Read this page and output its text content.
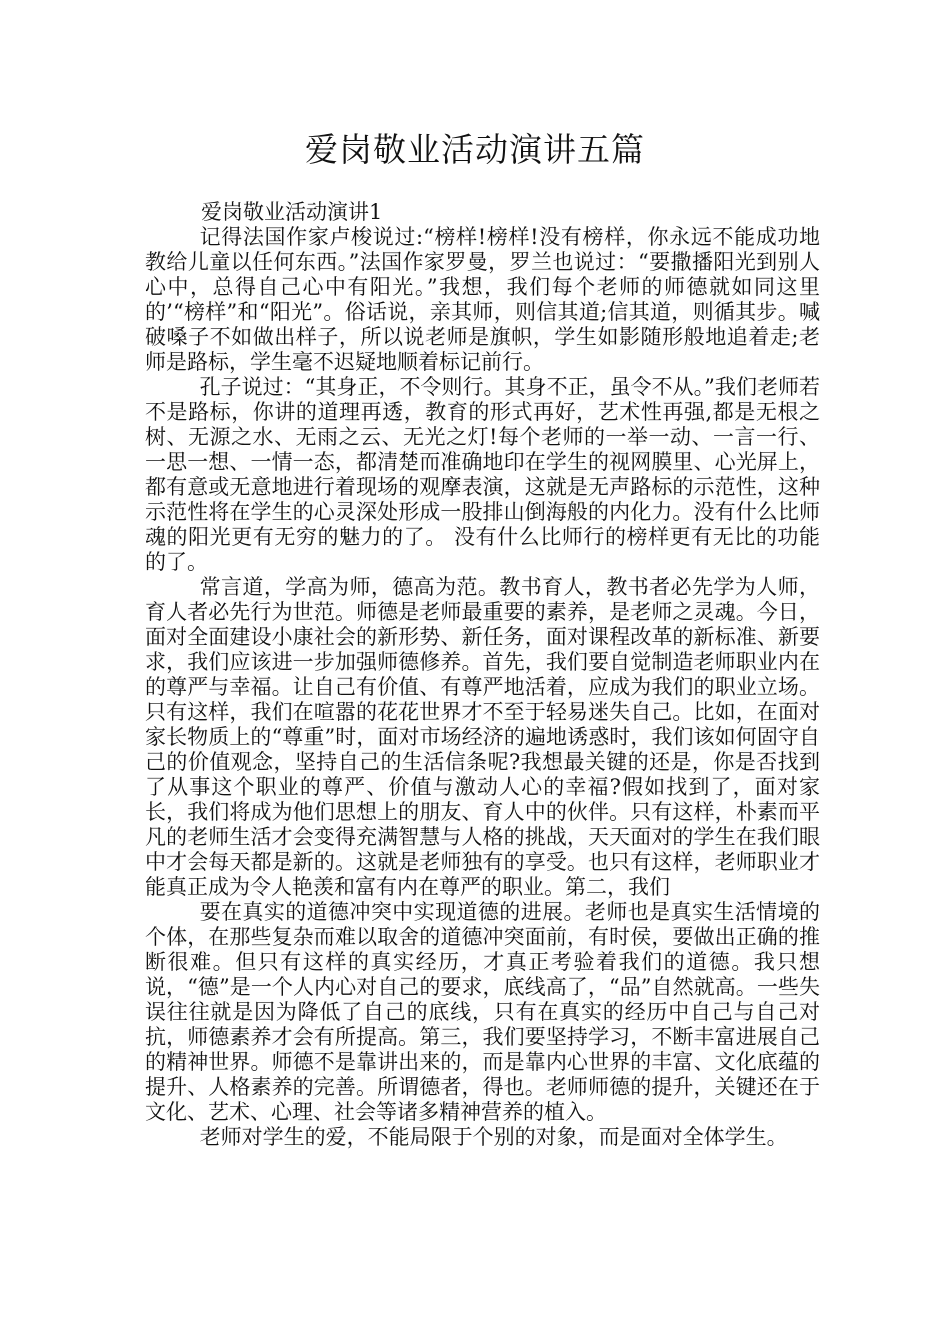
爱岗敬业活动演讲五篇
爱岗敬业活动演讲1

记得法国作家卢梭说过:“榜样!榜样!没有榜样，你永远不能成功地教给儿童以任何东西。”法国作家罗曼，罗兰也说过：“要撒播阳光到别人心中，总得自己心中有阳光。”我想，我们每个老师的师德就如同这里的’“榜样”和“阳光”。俗话说，亲其师，则信其道;信其道，则循其步。喊破嗓子不如做出样子，所以说老师是旗帜，学生如影随形般地追着走;老师是路标，学生毫不迟疑地顺着标记前行。

孔子说过：“其身正，不令则行。其身不正，虽令不从。”我们老师若不是路标，你讲的道理再透，教育的形式再好，艺术性再强,都是无根之树、无源之水、无雨之云、无光之灯!每个老师的一举一动、一言一行、一思一想、一情一态，都清楚而准确地印在学生的视网膜里、心光屏上，都有意或无意地进行着现场的观摩表演，这就是无声路标的示范性，这种示范性将在学生的心灵深处形成一股排山倒海般的内化力。没有什么比师魂的阳光更有无穷的魅力的了。 没有什么比师行的榜样更有无比的功能的了。

常言道，学高为师，德高为范。教书育人，教书者必先学为人师，育人者必先行为世范。师德是老师最重要的素养，是老师之灵魂。今日，面对全面建设小康社会的新形势、新任务，面对课程改革的新标准、新要求，我们应该进一步加强师德修养。首先，我们要自觉制造老师职业内在的尊严与幸福。让自己有价值、有尊严地活着，应成为我们的职业立场。只有这样，我们在喧嚣的花花世界才不至于轻易迷失自己。比如，在面对家长物质上的“尊重”时，面对市场经济的遍地诱惑时，我们该如何固守自己的价值观念，坚持自己的生活信条呢?我想最关键的还是，你是否找到了从事这个职业的尊严、价值与激动人心的幸福?假如找到了，面对家长，我们将成为他们思想上的朋友、育人中的伙伴。只有这样，朴素而平凡的老师生活才会变得充满智慧与人格的挑战，天天面对的学生在我们眼中才会每天都是新的。这就是老师独有的享受。也只有这样，老师职业才能真正成为令人艳羡和富有内在尊严的职业。第二，我们

要在真实的道德冲突中实现道德的进展。老师也是真实生活情境的个体，在那些复杂而难以取舍的道德冲突面前，有时侯，要做出正确的推断很难。但只有这样的真实经历，才真正考验着我们的道德。我只想说，“德”是一个人内心对自己的要求，底线高了，“品”自然就高。一些失误往往就是因为降低了自己的底线，只有在真实的经历中自己与自己对抗，师德素养才会有所提高。第三，我们要坚持学习，不断丰富进展自己的精神世界。师德不是靠讲出来的，而是靠内心世界的丰富、文化底蕴的提升、人格素养的完善。所谓德者，得也。老师师德的提升，关键还在于文化、艺术、心理、社会等诸多精神营养的植入。

老师对学生的爱，不能局限于个别的对象，而是面对全体学生。
